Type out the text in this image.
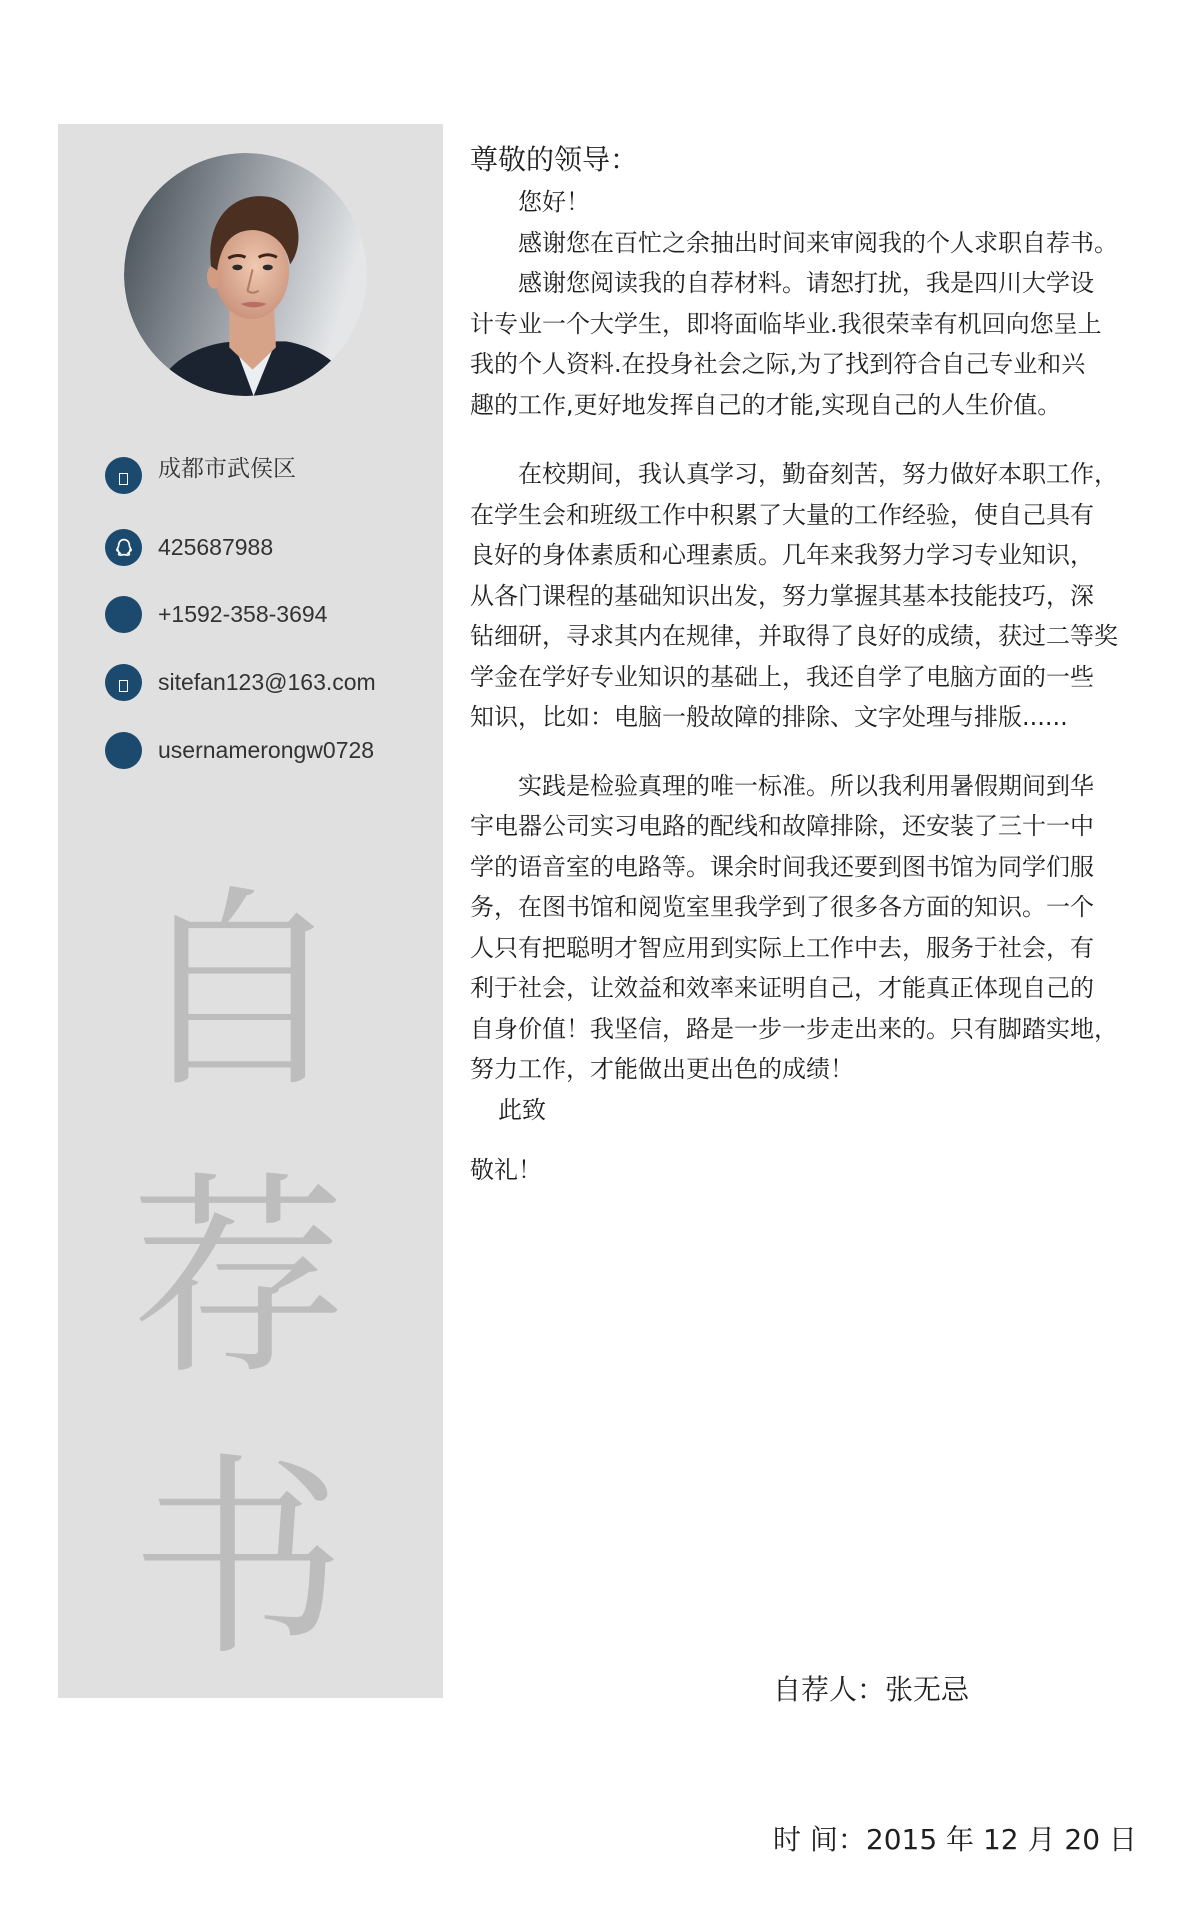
成都市武侯区
425687988
+1592-358-3694
sitefan123@163.com
usernamerongw0728
自
荐
书
尊敬的领导：
您好！
感谢您在百忙之余抽出时间来审阅我的个人求职自荐书。
感谢您阅读我的自荐材料。请恕打扰，我是四川大学设
计专业一个大学生，即将面临毕业.我很荣幸有机回向您呈上
我的个人资料.在投身社会之际,为了找到符合自己专业和兴
趣的工作,更好地发挥自己的才能,实现自己的人生价值。
在校期间，我认真学习，勤奋刻苦，努力做好本职工作，
在学生会和班级工作中积累了大量的工作经验，使自己具有
良好的身体素质和心理素质。几年来我努力学习专业知识，
从各门课程的基础知识出发，努力掌握其基本技能技巧，深
钻细研，寻求其内在规律，并取得了良好的成绩，获过二等奖
学金在学好专业知识的基础上，我还自学了电脑方面的一些
知识，比如：电脑一般故障的排除、文字处理与排版......
实践是检验真理的唯一标准。所以我利用暑假期间到华
宇电器公司实习电路的配线和故障排除，还安装了三十一中
学的语音室的电路等。课余时间我还要到图书馆为同学们服
务，在图书馆和阅览室里我学到了很多各方面的知识。一个
人只有把聪明才智应用到实际上工作中去，服务于社会，有
利于社会，让效益和效率来证明自己，才能真正体现自己的
自身价值！我坚信，路是一步一步走出来的。只有脚踏实地，
努力工作，才能做出更出色的成绩！
此致
敬礼！

自荐人：张无忌

时 间：2015 年 12 月 20 日
